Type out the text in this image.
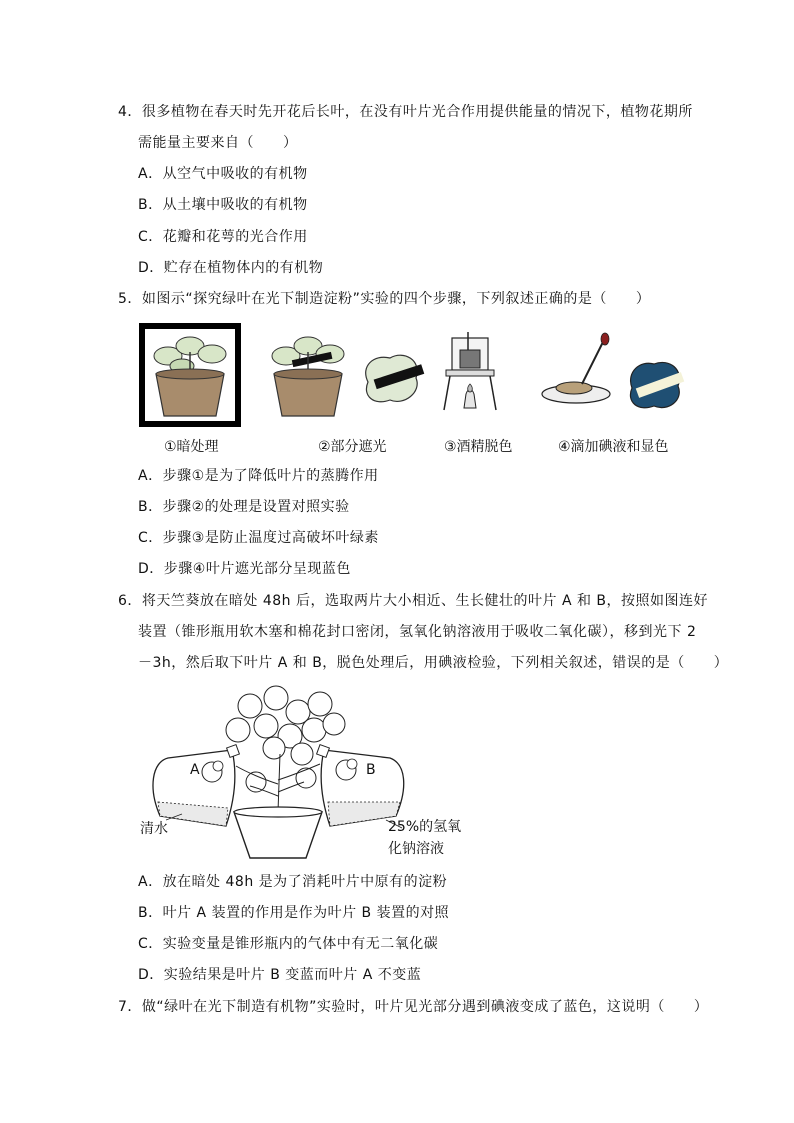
4．很多植物在春天时先开花后长叶，在没有叶片光合作用提供能量的情况下，植物花期所
需能量主要来自（　　）
A．从空气中吸收的有机物
B．从土壤中吸收的有机物
C．花瓣和花萼的光合作用
D．贮存在植物体内的有机物
5．如图示“探究绿叶在光下制造淀粉”实验的四个步骤，下列叙述正确的是（　　）
①暗处理	②部分遮光	③酒精脱色	④滴加碘液和显色
A．步骤①是为了降低叶片的蒸腾作用
B．步骤②的处理是设置对照实验
C．步骤③是防止温度过高破坏叶绿素
D．步骤④叶片遮光部分呈现蓝色
6．将天竺葵放在暗处 48h 后，选取两片大小相近、生长健壮的叶片 A 和 B，按照如图连好
装置（锥形瓶用软木塞和棉花封口密闭，氢氧化钠溶液用于吸收二氧化碳），移到光下 2
－3h，然后取下叶片 A 和 B，脱色处理后，用碘液检验，下列相关叙述，错误的是（　　）
A	B
清水	25%的氢氧
化钠溶液
A．放在暗处 48h 是为了消耗叶片中原有的淀粉
B．叶片 A 装置的作用是作为叶片 B 装置的对照
C．实验变量是锥形瓶内的气体中有无二氧化碳
D．实验结果是叶片 B 变蓝而叶片 A 不变蓝
7．做“绿叶在光下制造有机物”实验时，叶片见光部分遇到碘液变成了蓝色，这说明（　　）
